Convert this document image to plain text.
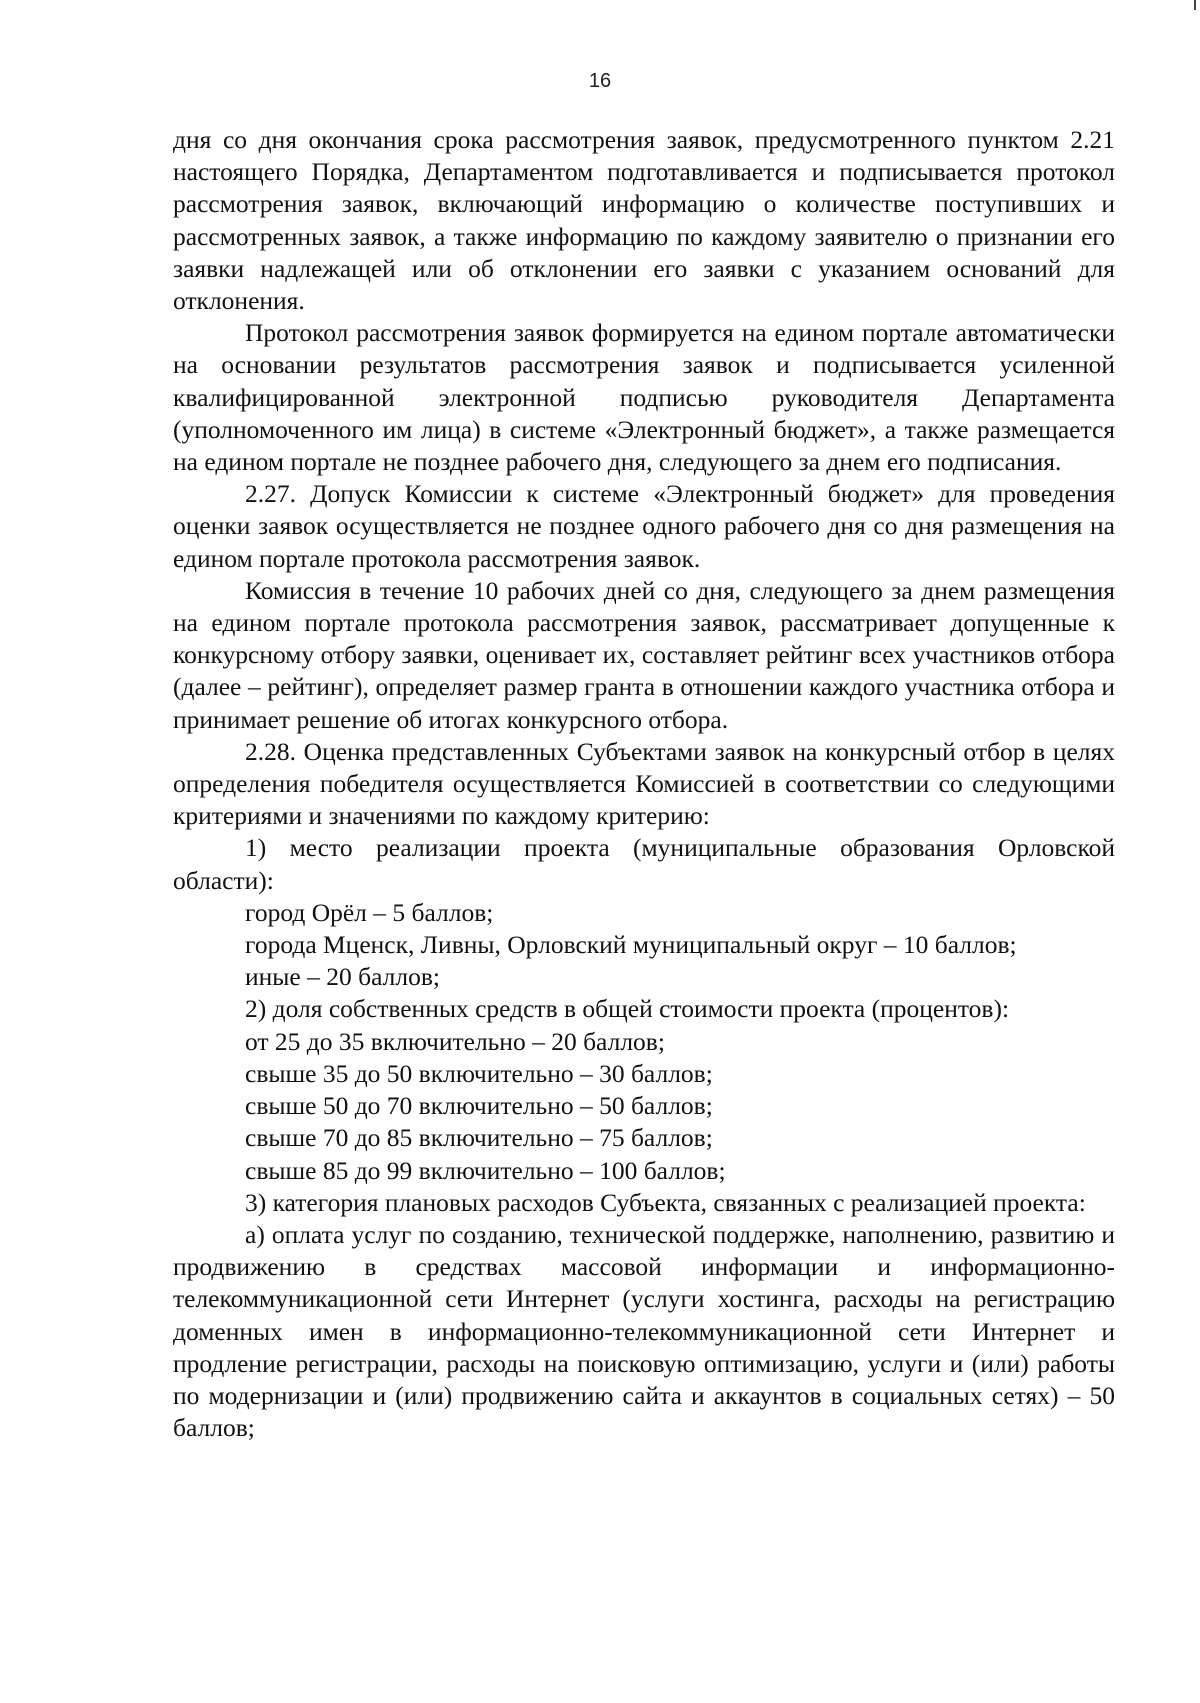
16

дня со дня окончания срока рассмотрения заявок, предусмотренного пунктом 2.21 настоящего Порядка, Департаментом подготавливается и подписывается протокол рассмотрения заявок, включающий информацию о количестве поступивших и рассмотренных заявок, а также информацию по каждому заявителю о признании его заявки надлежащей или об отклонении его заявки с указанием оснований для отклонения.

Протокол рассмотрения заявок формируется на едином портале автоматически на основании результатов рассмотрения заявок и подписывается усиленной квалифицированной электронной подписью руководителя Департамента (уполномоченного им лица) в системе «Электронный бюджет», а также размещается на едином портале не позднее рабочего дня, следующего за днем его подписания.

2.27. Допуск Комиссии к системе «Электронный бюджет» для проведения оценки заявок осуществляется не позднее одного рабочего дня со дня размещения на едином портале протокола рассмотрения заявок.

Комиссия в течение 10 рабочих дней со дня, следующего за днем размещения на едином портале протокола рассмотрения заявок, рассматривает допущенные к конкурсному отбору заявки, оценивает их, составляет рейтинг всех участников отбора (далее – рейтинг), определяет размер гранта в отношении каждого участника отбора и принимает решение об итогах конкурсного отбора.

2.28. Оценка представленных Субъектами заявок на конкурсный отбор в целях определения победителя осуществляется Комиссией в соответствии со следующими критериями и значениями по каждому критерию:

1) место реализации проекта (муниципальные образования Орловской области):

город Орёл – 5 баллов;

города Мценск, Ливны, Орловский муниципальный округ – 10 баллов;

иные – 20 баллов;

2) доля собственных средств в общей стоимости проекта (процентов):

от 25 до 35 включительно – 20 баллов;

свыше 35 до 50 включительно – 30 баллов;

свыше 50 до 70 включительно – 50 баллов;

свыше 70 до 85 включительно – 75 баллов;

свыше 85 до 99 включительно – 100 баллов;

3) категория плановых расходов Субъекта, связанных с реализацией проекта:

а) оплата услуг по созданию, технической поддержке, наполнению, развитию и продвижению в средствах массовой информации и информационно-телекоммуникационной сети Интернет (услуги хостинга, расходы на регистрацию доменных имен в информационно-телекоммуникационной сети Интернет и продление регистрации, расходы на поисковую оптимизацию, услуги и (или) работы по модернизации и (или) продвижению сайта и аккаунтов в социальных сетях) – 50 баллов;
